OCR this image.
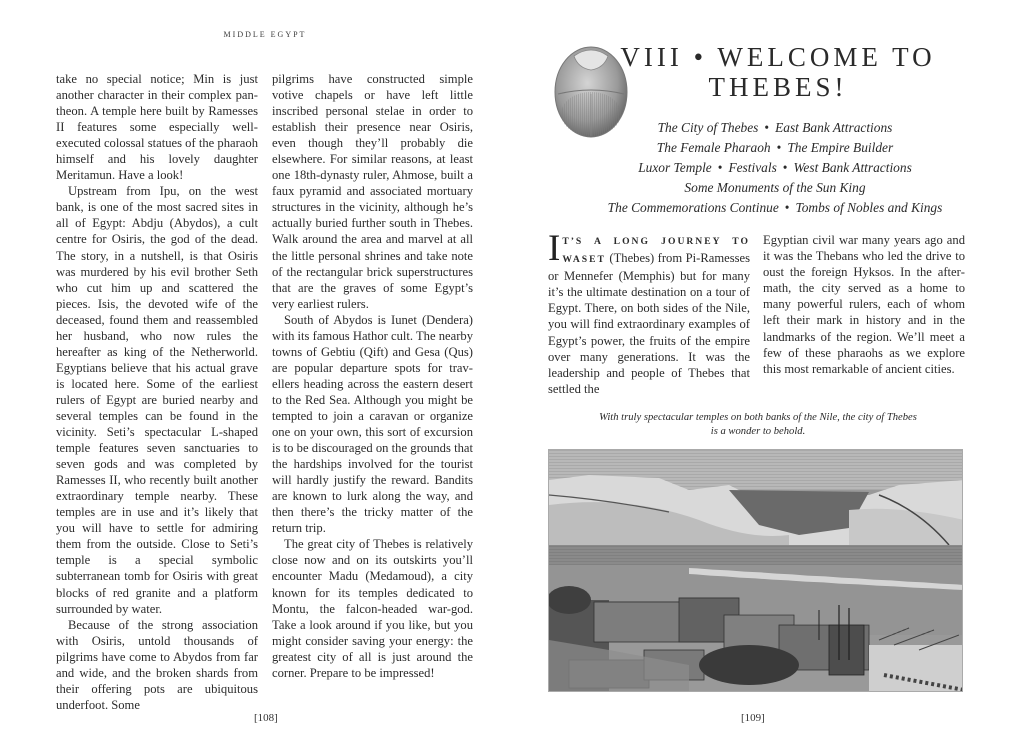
MIDDLE EGYPT

take no special notice; Min is just another character in their complex pantheon. A temple here built by Ramesses II features some especially well-executed colossal statues of the pharaoh himself and his lovely daughter Meritamun. Have a look!

Upstream from Ipu, on the west bank, is one of the most sacred sites in all of Egypt: Abdju (Abydos), a cult centre for Osiris, the god of the dead. The story, in a nutshell, is that Osiris was murdered by his evil brother Seth who cut him up and scattered the pieces. Isis, the devoted wife of the deceased, found them and reassembled her husband, who now rules the hereafter as king of the Netherworld. Egyptians believe that his actual grave is located here. Some of the earliest rulers of Egypt are buried nearby and several temples can be found in the vicinity. Seti’s spectacular L-shaped temple features seven sanctuaries to seven gods and was completed by Ramesses II, who recently built another extraordinary temple nearby. These temples are in use and it’s likely that you will have to settle for admiring them from the outside. Close to Seti’s temple is a special symbolic subterranean tomb for Osiris with great blocks of red granite and a platform surrounded by water.

Because of the strong association with Osiris, untold thousands of pilgrims have come to Abydos from far and wide, and the broken shards from their offering pots are ubiquitous underfoot. Some

pilgrims have constructed simple votive chapels or have left little inscribed personal stelae in order to establish their presence near Osiris, even though they’ll probably die elsewhere. For similar reasons, at least one 18th-dynasty ruler, Ahmose, built a faux pyramid and associated mortuary structures in the vicinity, although he’s actually buried further south in Thebes. Walk around the area and marvel at all the little personal shrines and take note of the rectangular brick superstructures that are the graves of some Egypt’s very earliest rulers.

South of Abydos is Iunet (Dendera) with its famous Hathor cult. The nearby towns of Gebtiu (Qift) and Gesa (Qus) are popular departure spots for travellers heading across the eastern desert to the Red Sea. Although you might be tempted to join a caravan or organize one on your own, this sort of excursion is to be discouraged on the grounds that the hardships involved for the tourist will hardly justify the reward. Bandits are known to lurk along the way, and then there’s the tricky matter of the return trip.

The great city of Thebes is relatively close now and on its outskirts you’ll encounter Madu (Medamoud), a city known for its temples dedicated to Montu, the falcon-headed war-god. Take a look around if you like, but you might consider saving your energy: the greatest city of all is just around the corner. Prepare to be impressed!

[108]
VIII • WELCOME TO
THEBES!
The City of Thebes • East Bank Attractions
The Female Pharaoh • The Empire Builder
Luxor Temple • Festivals • West Bank Attractions
Some Monuments of the Sun King
The Commemorations Continue • Tombs of Nobles and Kings
IT’S A LONG JOURNEY TO WASET (Thebes) from Pi-Ramesses or Mennefer (Memphis) but for many it’s the ultimate destination on a tour of Egypt. There, on both sides of the Nile, you will find extraordinary examples of Egypt’s power, the fruits of the empire over many generations. It was the leadership and people of Thebes that settled the
Egyptian civil war many years ago and it was the Thebans who led the drive to oust the foreign Hyksos. In the aftermath, the city served as a home to many powerful rulers, each of whom left their mark in history and in the landmarks of the region. We’ll meet a few of these pharaohs as we explore this most remarkable of ancient cities.
With truly spectacular temples on both banks of the Nile, the city of Thebes
is a wonder to behold.
[109]
